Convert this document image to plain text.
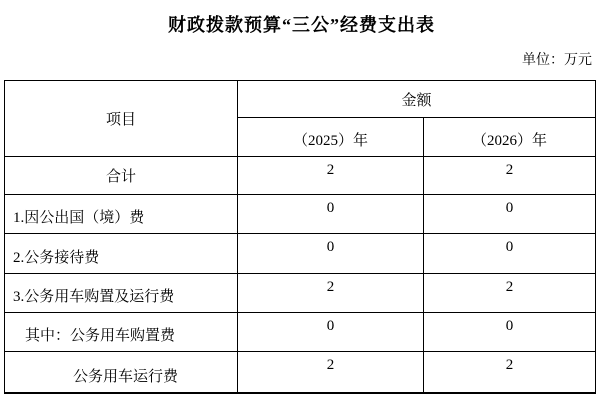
财政拨款预算“三公”经费支出表
单位：万元
项目	金额	
	（2025）年	（2026）年
合计	2	2
1.因公出国（境）费	0	0
2.公务接待费	0	0
3.公务用车购置及运行费	2	2
其中：公务用车购置费	0	0
公务用车运行费	2	2
